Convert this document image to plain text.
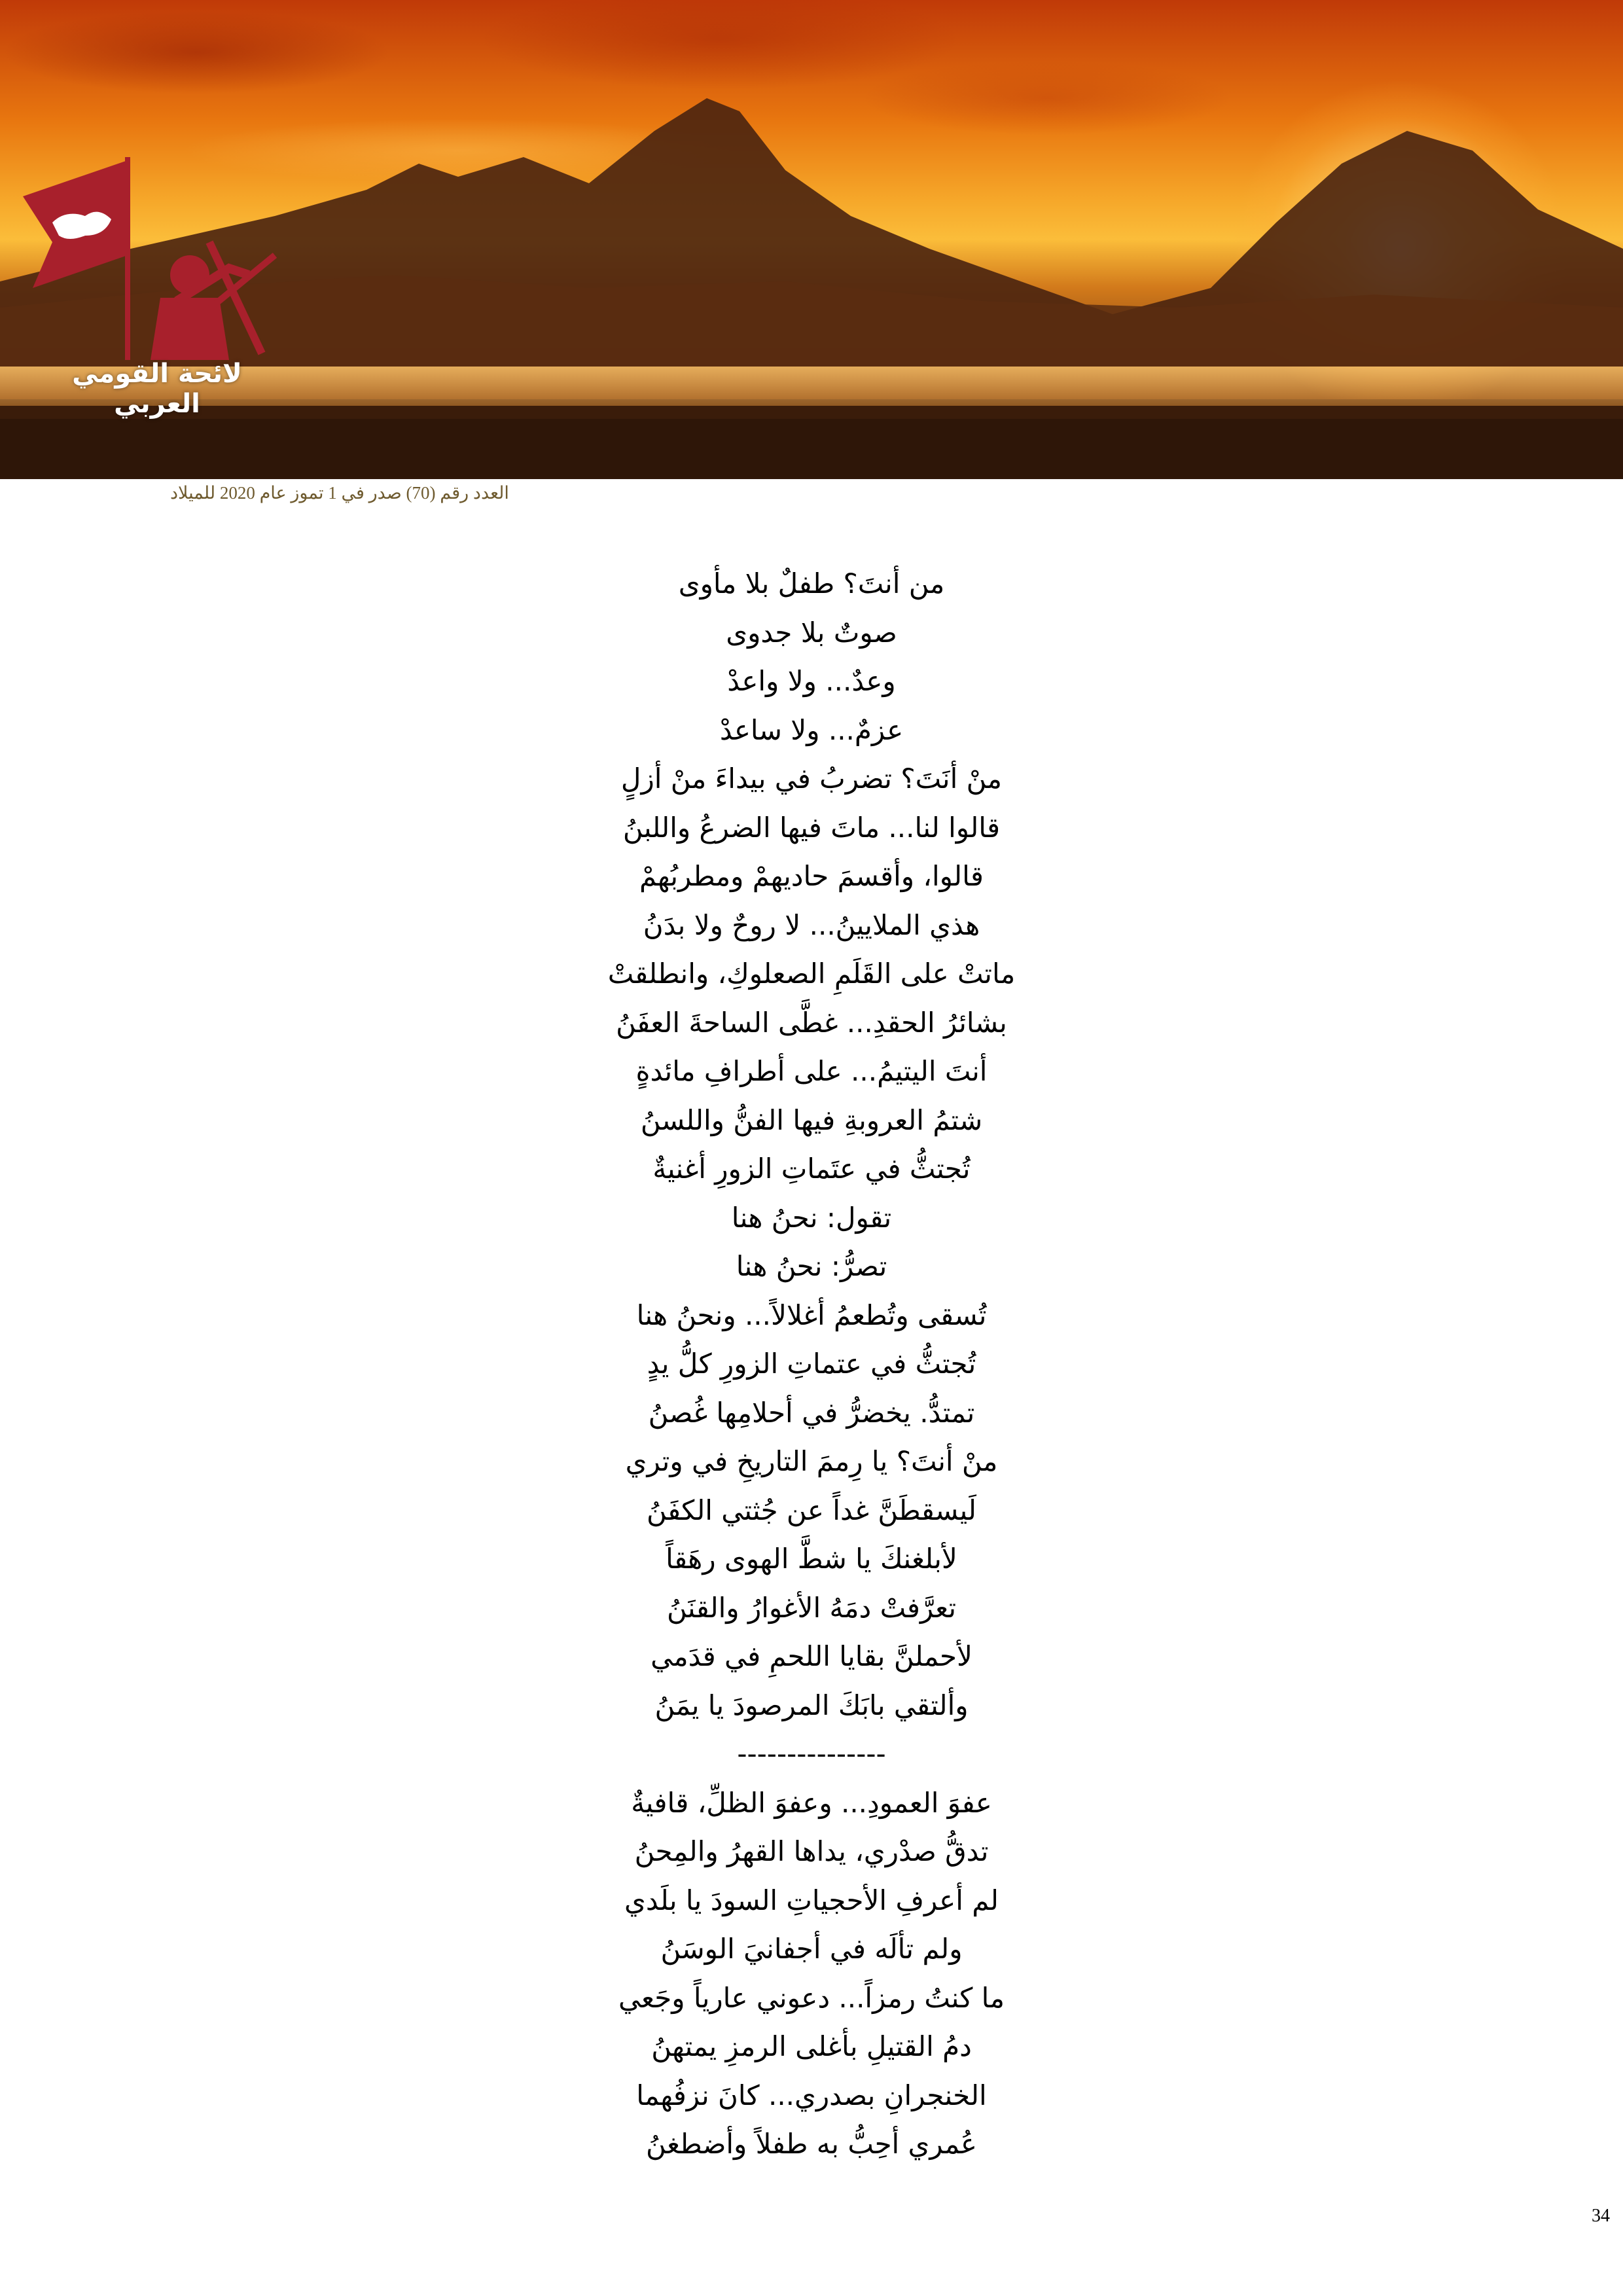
لائحة القومي العربي
العدد رقم (70) صدر في 1 تموز عام 2020 للميلاد
من أنتَ؟ طفلٌ بلا مأوى
صوتٌ بلا جدوى
وعدٌ... ولا واعدْ
عزمٌ... ولا ساعدْ
منْ أنَتَ؟ تضربُ في بيداءَ منْ أزلٍ
قالوا لنا... ماتَ فيها الضرعُ واللبنُ
قالوا، وأقسمَ حاديهمْ ومطربُهمْ
هذي الملايينُ... لا روحٌ ولا بدَنُ
ماتتْ على القَلَمِ الصعلوكِ، وانطلقتْ
بشائرُ الحقدِ... غطَّى الساحةَ العفَنُ
أنتَ اليتيمُ... على أطرافِ مائدةٍ
شتمُ العروبةِ فيها الفنُّ واللسنُ
تُجتثُّ في عتَماتِ الزورِ أغنيةٌ
تقول: نحنُ هنا
تصرُّ: نحنُ هنا
تُسقى وتُطعمُ أغلالاً... ونحنُ هنا
تُجتثُّ في عتماتِ الزورِ كلُّ يدٍ
تمتدُّ. يخضرُّ في أحلامِها غُصنُ
منْ أنتَ؟ يا رِممَ التاريخِ في وتري
لَيسقطَنَّ غداً عن جُثتي الكفَنُ
لأبلغنكَ يا شطَّ الهوى رهَقاً
تعرَّفتْ دمَهُ الأغوارُ والقنَنُ
لأحملنَّ بقايا اللحمِ في قدَمي
وألتقي بابَكَ المرصودَ يا يمَنُ
---------------
عفوَ العمودِ... وعفوَ الظلِّ، قافيةٌ
تدقُّ صدْري، يداها القهرُ والمِحنُ
لم أعرفِ الأحجياتِ السودَ يا بلَدي
ولم تألَه في أجفانيَ الوسَنُ
ما كنتُ رمزاً... دعوني عارياً وجَعي
دمُ القتيلِ بأغلى الرمزِ يمتهنُ
الخنجرانِ بصدري... كانَ نزفُهما
عُمري أحِبُّ به طفلاً وأضطغنُ
34
